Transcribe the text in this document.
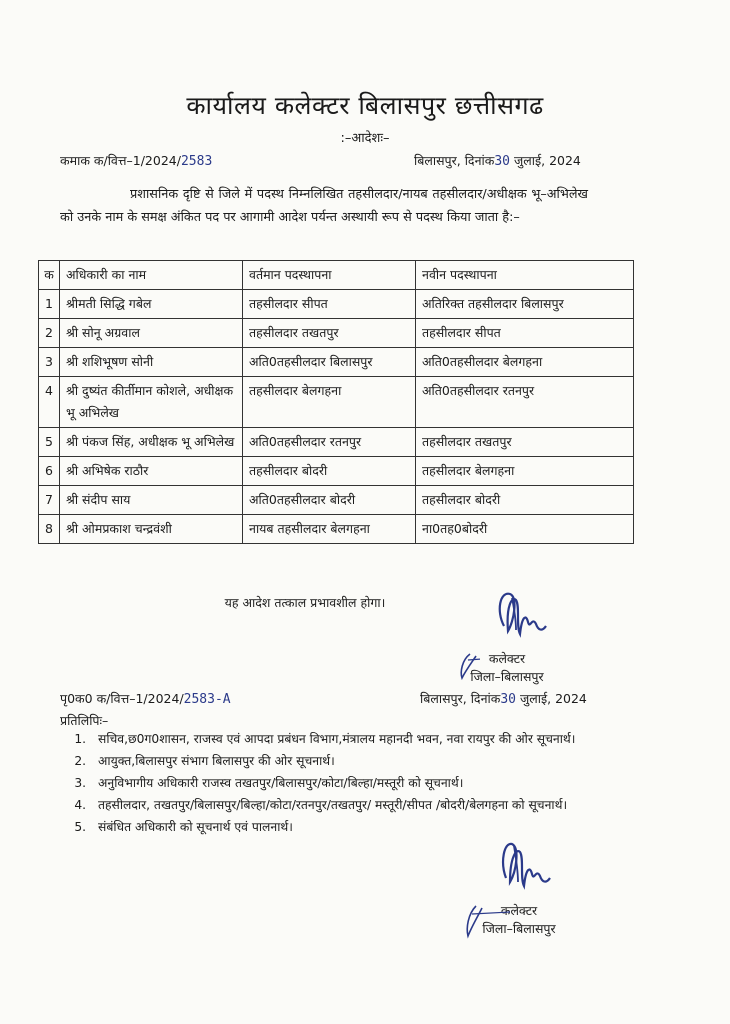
कार्यालय कलेक्टर बिलासपुर छत्तीसगढ
:–आदेशः–
कमाक क/वित्त–1/2024/2583	बिलासपुर, दिनांक30 जुलाई, 2024
प्रशासनिक दृष्टि से जिले में पदस्थ निम्नलिखित तहसीलदार/नायब तहसीलदार/अधीक्षक भू–अभिलेख को उनके नाम के समक्ष अंकित पद पर आगामी आदेश पर्यन्त अस्थायी रूप से पदस्थ किया जाता है:–
क	अधिकारी का नाम	वर्तमान पदस्थापना	नवीन पदस्थापना
1	श्रीमती सिद्धि गबेल	तहसीलदार सीपत	अतिरिक्त तहसीलदार बिलासपुर
2	श्री सोनू अग्रवाल	तहसीलदार तखतपुर	तहसीलदार सीपत
3	श्री शशिभूषण सोनी	अति0तहसीलदार बिलासपुर	अति0तहसीलदार बेलगहना
4	श्री दुष्यंत कीर्तीमान कोशले, अधीक्षक भू अभिलेख	तहसीलदार बेलगहना	अति0तहसीलदार रतनपुर
5	श्री पंकज सिंह, अधीक्षक भू अभिलेख	अति0तहसीलदार रतनपुर	तहसीलदार तखतपुर
6	श्री अभिषेक राठौर	तहसीलदार बोदरी	तहसीलदार बेलगहना
7	श्री संदीप साय	अति0तहसीलदार बोदरी	तहसीलदार बोदरी
8	श्री ओमप्रकाश चन्द्रवंशी	नायब तहसीलदार बेलगहना	ना0तह0बोदरी
यह आदेश तत्काल प्रभावशील होगा।
कलेक्टर
जिला–बिलासपुर
पृ0क0 क/वित्त–1/2024/2583-A	बिलासपुर, दिनांक30 जुलाई, 2024
प्रतिलिपिः–
1. सचिव,छ0ग0शासन, राजस्व एवं आपदा प्रबंधन विभाग,मंत्रालय महानदी भवन, नवा रायपुर की ओर सूचनार्थ।
2. आयुक्त,बिलासपुर संभाग बिलासपुर की ओर सूचनार्थ।
3. अनुविभागीय अधिकारी राजस्व तखतपुर/बिलासपुर/कोटा/बिल्हा/मस्तूरी को सूचनार्थ।
4. तहसीलदार, तखतपुर/बिलासपुर/बिल्हा/कोटा/रतनपुर/तखतपुर/ मस्तूरी/सीपत /बोदरी/बेलगहना को सूचनार्थ।
5. संबंधित अधिकारी को सूचनार्थ एवं पालनार्थ।
कलेक्टर
जिला–बिलासपुर
